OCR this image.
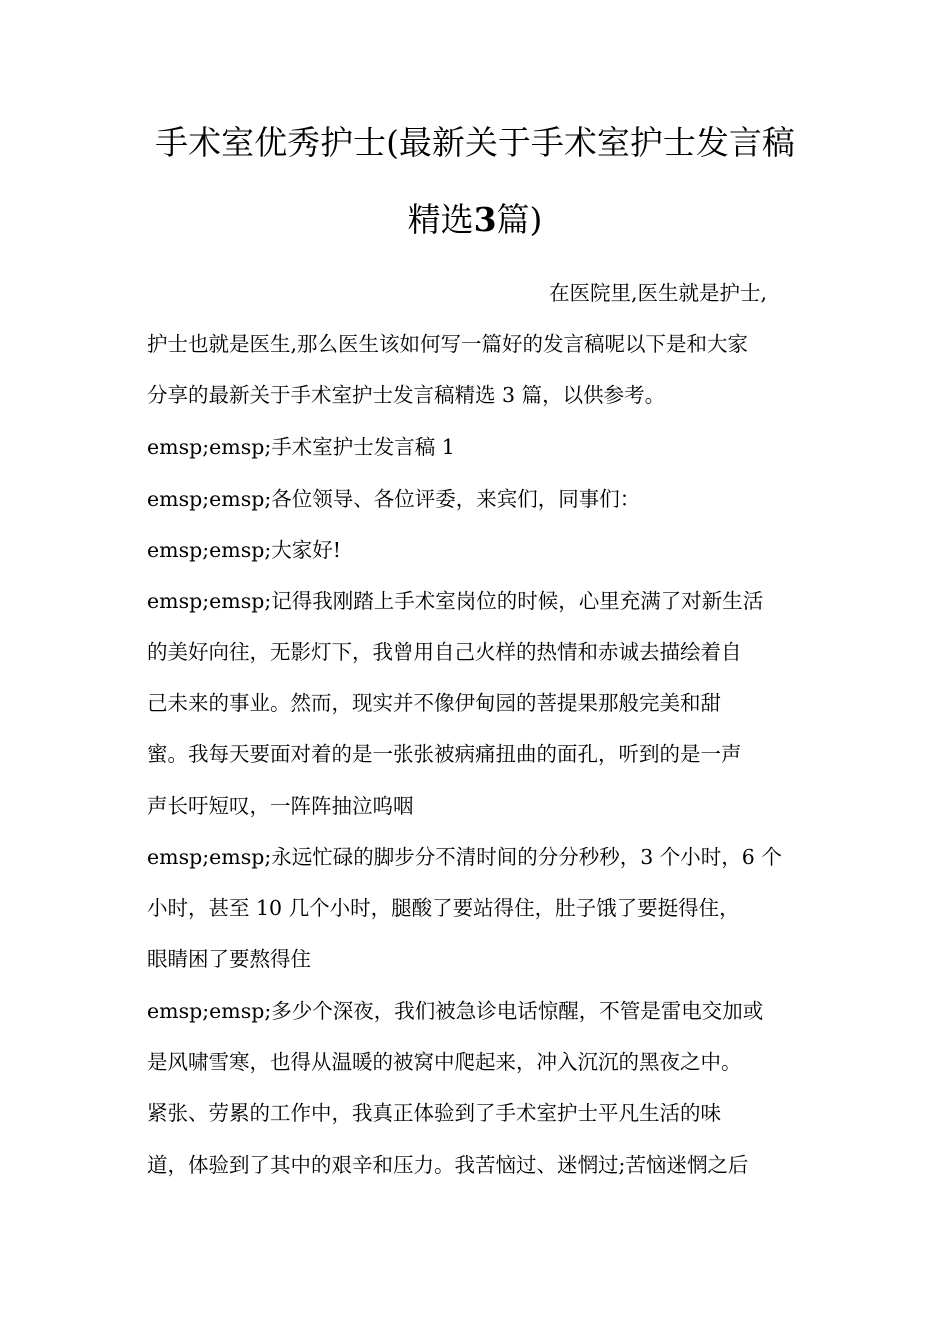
手术室优秀护士(最新关于手术室护士发言稿
精选3篇)
在医院里,医生就是护士,
护士也就是医生,那么医生该如何写一篇好的发言稿呢以下是和大家
分享的最新关于手术室护士发言稿精选 3 篇，以供参考。
emsp;emsp;手术室护士发言稿 1
emsp;emsp;各位领导、各位评委，来宾们，同事们：
emsp;emsp;大家好!
emsp;emsp;记得我刚踏上手术室岗位的时候，心里充满了对新生活
的美好向往，无影灯下，我曾用自己火样的热情和赤诚去描绘着自
己未来的事业。然而，现实并不像伊甸园的菩提果那般完美和甜
蜜。我每天要面对着的是一张张被病痛扭曲的面孔，听到的是一声
声长吁短叹，一阵阵抽泣呜咽
emsp;emsp;永远忙碌的脚步分不清时间的分分秒秒，3 个小时，6 个
小时，甚至 10 几个小时，腿酸了要站得住，肚子饿了要挺得住，
眼睛困了要熬得住
emsp;emsp;多少个深夜，我们被急诊电话惊醒，不管是雷电交加或
是风啸雪寒，也得从温暖的被窝中爬起来，冲入沉沉的黑夜之中。
紧张、劳累的工作中，我真正体验到了手术室护士平凡生活的味
道，体验到了其中的艰辛和压力。我苦恼过、迷惘过;苦恼迷惘之后
